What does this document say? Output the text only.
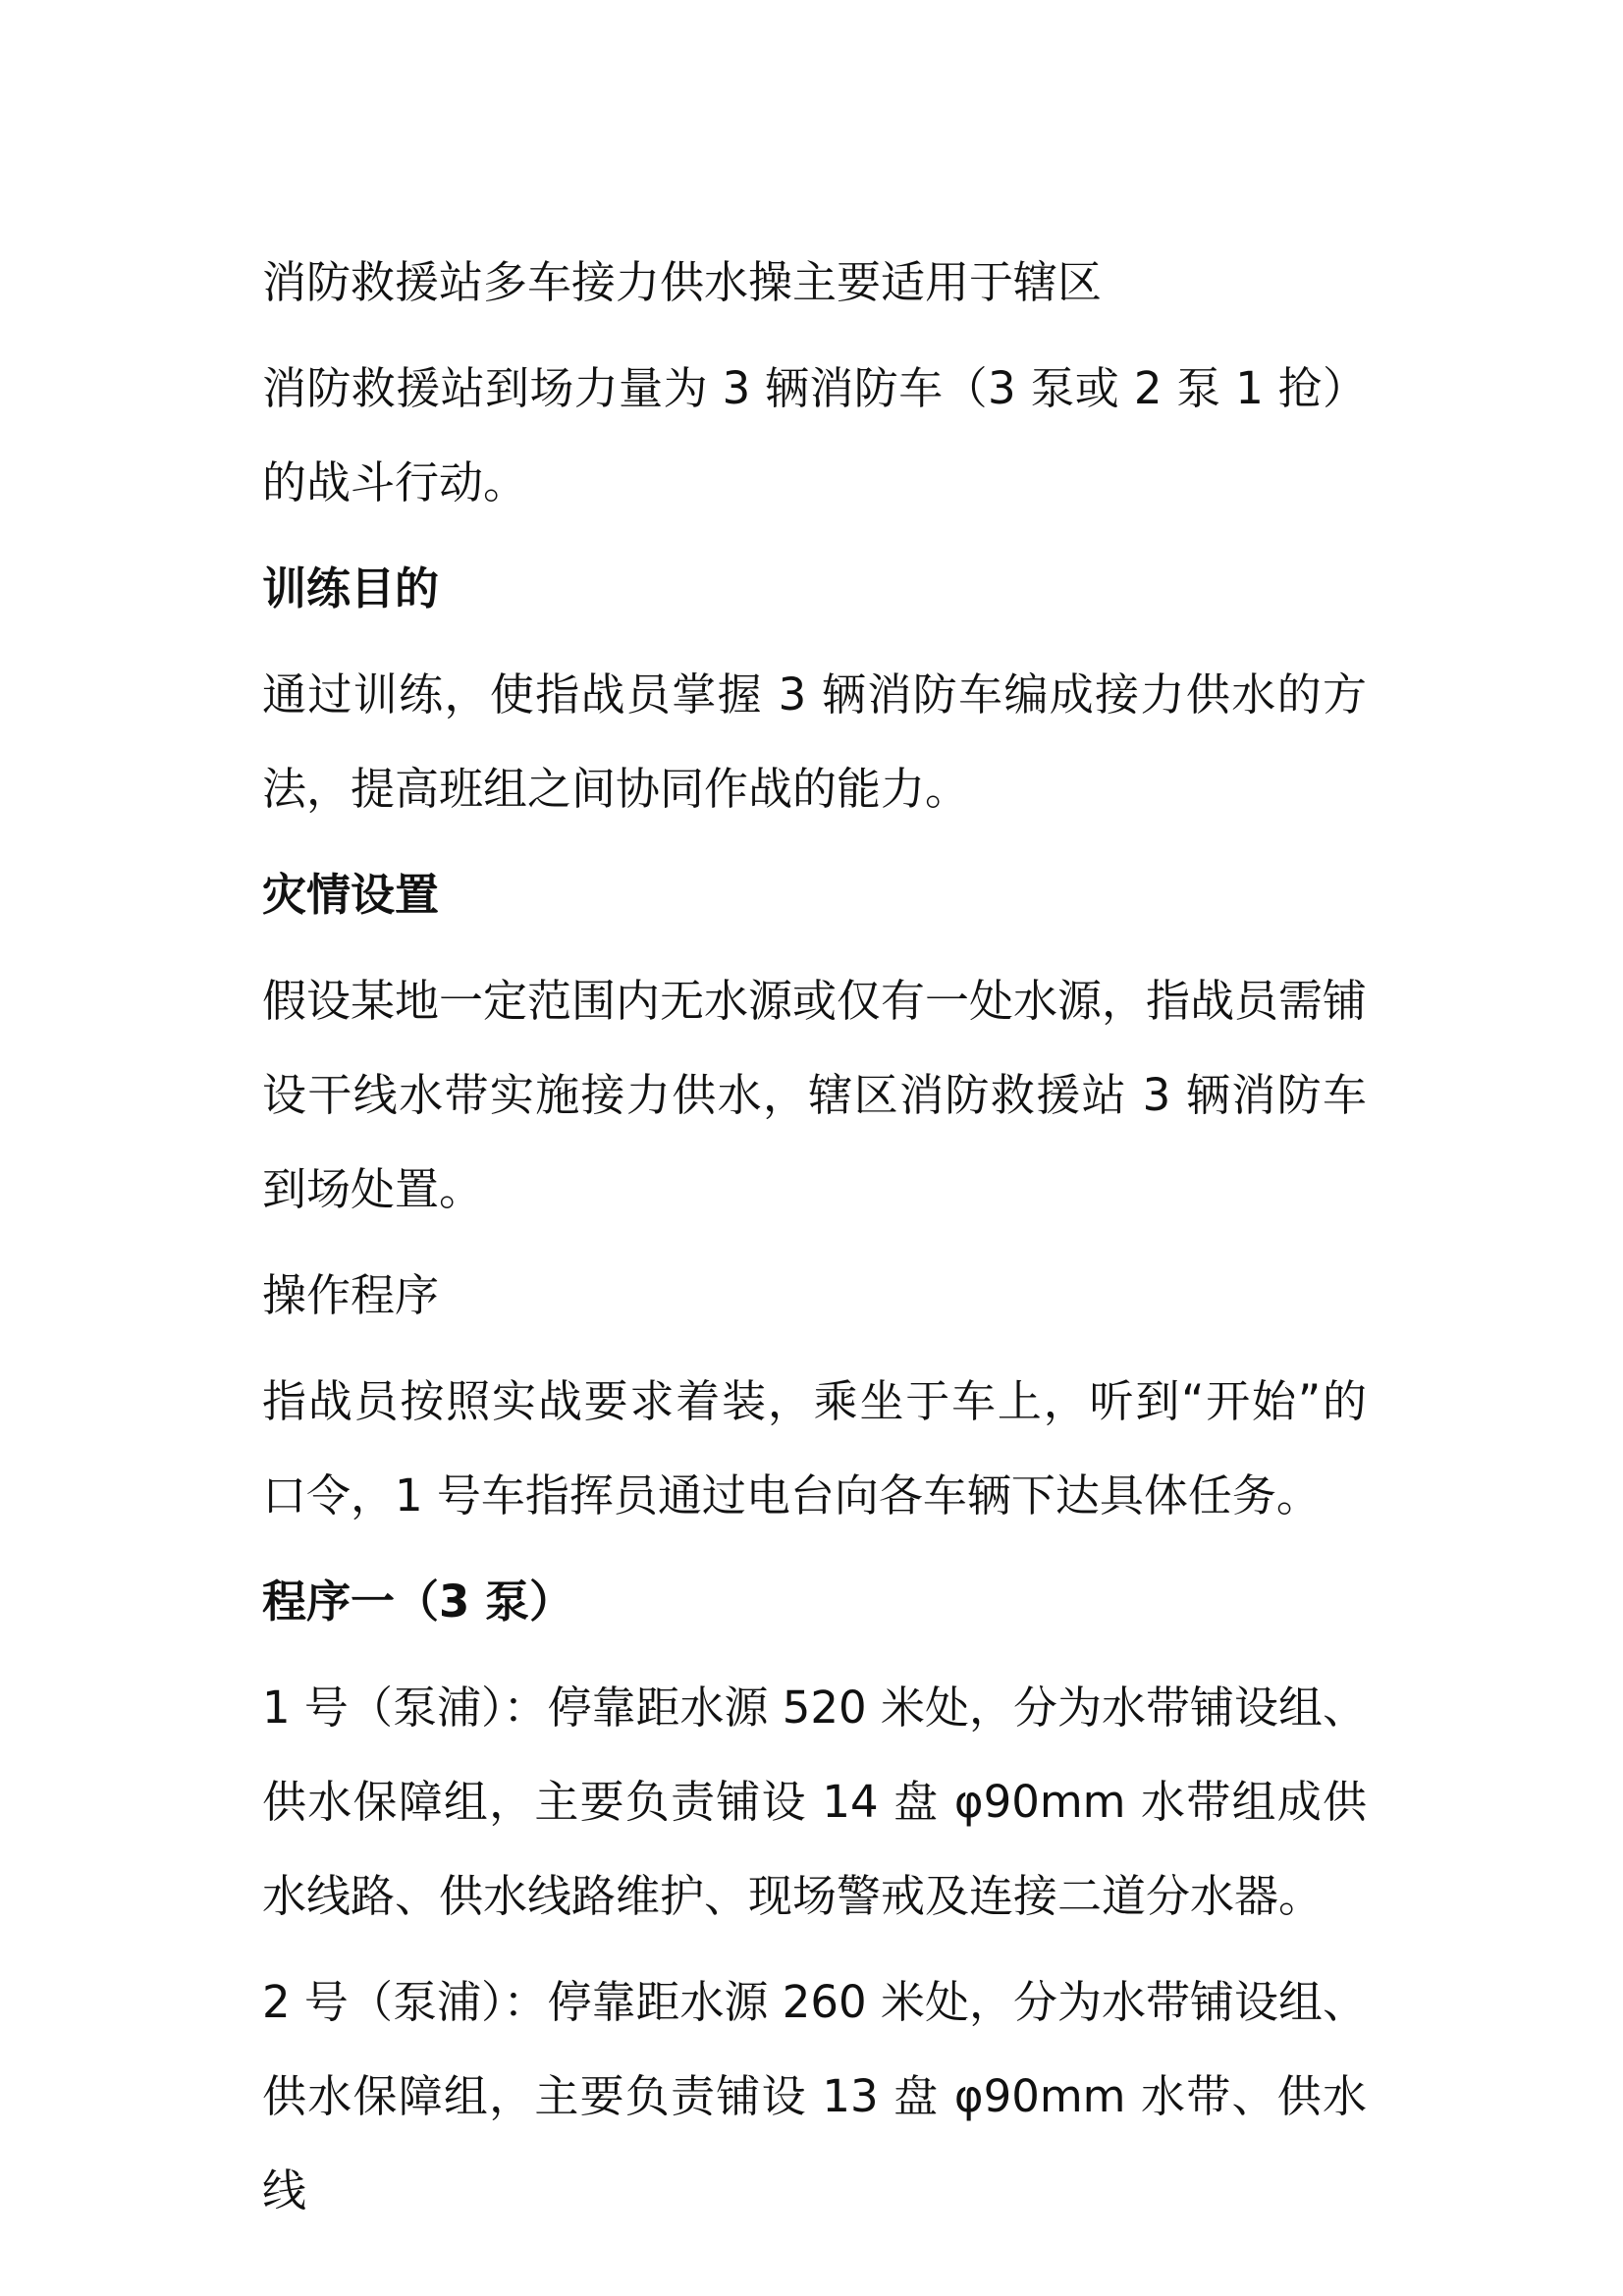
消防救援站多车接力供水操主要适用于辖区

消防救援站到场力量为 3 辆消防车（3 泵或 2 泵 1 抢）的战斗行动。

训练目的

通过训练，使指战员掌握 3 辆消防车编成接力供水的方法，提高班组之间协同作战的能力。

灾情设置

假设某地一定范围内无水源或仅有一处水源，指战员需铺设干线水带实施接力供水，辖区消防救援站 3 辆消防车到场处置。

操作程序

指战员按照实战要求着装，乘坐于车上，听到“开始”的口令，1 号车指挥员通过电台向各车辆下达具体任务。

程序一（3 泵）

1 号（泵浦）：停靠距水源 520 米处，分为水带铺设组、供水保障组，主要负责铺设 14 盘 φ90mm 水带组成供水线路、供水线路维护、现场警戒及连接二道分水器。

2 号（泵浦）：停靠距水源 260 米处，分为水带铺设组、供水保障组，主要负责铺设 13 盘 φ90mm 水带、供水线
